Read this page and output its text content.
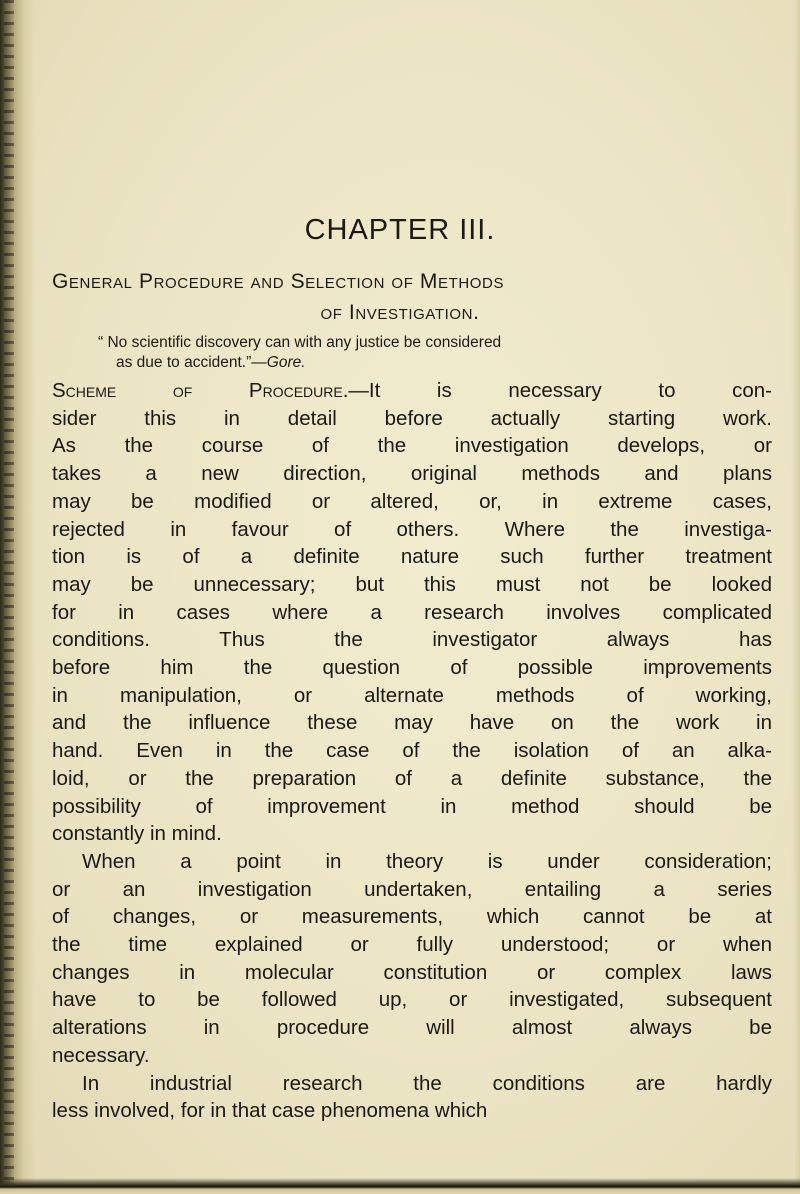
CHAPTER III.
General Procedure and Selection of Methods
of Investigation.

“ No scientific discovery can with any justice be considered
as due to accident.”—Gore.

Scheme of Procedure.—It is necessary to con-
sider this in detail before actually starting work.
As the course of the investigation develops, or
takes a new direction, original methods and plans
may be modified or altered, or, in extreme cases,
rejected in favour of others. Where the investiga-
tion is of a definite nature such further treatment
may be unnecessary; but this must not be looked
for in cases where a research involves complicated
conditions. Thus the investigator always has
before him the question of possible improvements
in manipulation, or alternate methods of working,
and the influence these may have on the work in
hand. Even in the case of the isolation of an alka-
loid, or the preparation of a definite substance, the
possibility of improvement in method should be
constantly in mind.
When a point in theory is under consideration;
or an investigation undertaken, entailing a series
of changes, or measurements, which cannot be at
the time explained or fully understood; or when
changes in molecular constitution or complex laws
have to be followed up, or investigated, subsequent
alterations in procedure will almost always be
necessary.
In industrial research the conditions are hardly
less involved, for in that case phenomena which
